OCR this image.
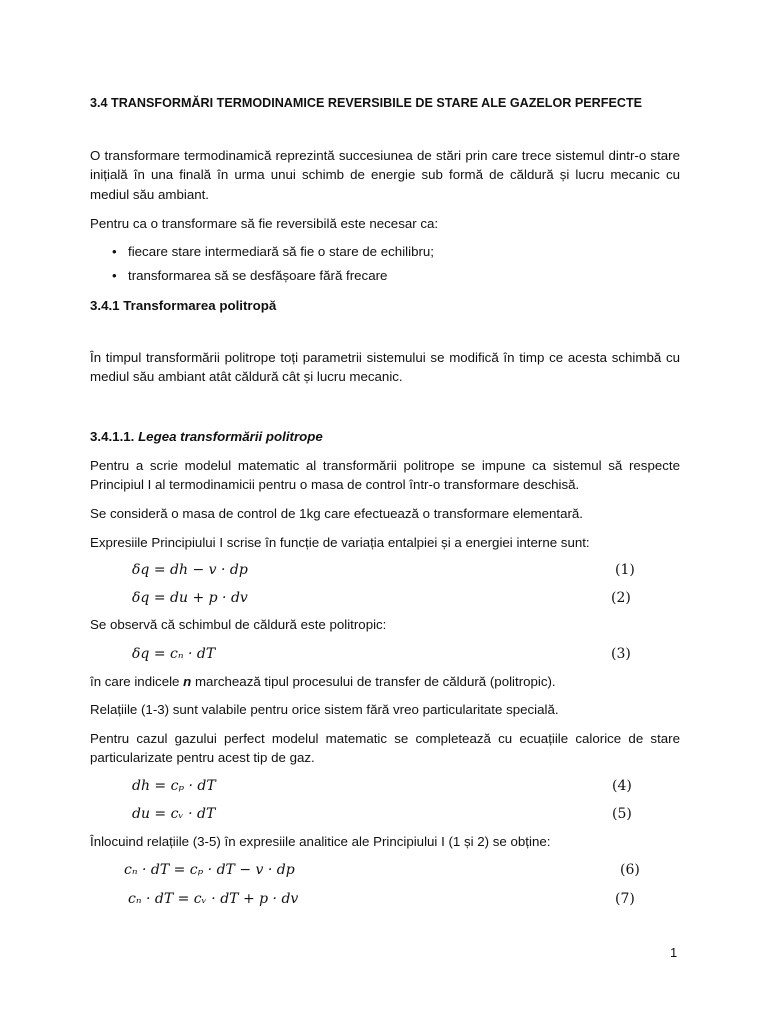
3.4 TRANSFORMĂRI TERMODINAMICE REVERSIBILE DE STARE ALE GAZELOR PERFECTE
O transformare termodinamică reprezintă succesiunea de stări prin care trece sistemul dintr-o stare inițială în una finală în urma unui schimb de energie sub formă de căldură și lucru mecanic cu mediul său ambiant.
Pentru ca o transformare să fie reversibilă este necesar ca:
• fiecare stare intermediară să fie o stare de echilibru;
• transformarea să se desfășoare fără frecare
3.4.1 Transformarea politropă
În timpul transformării politrope toți parametrii sistemului se modifică în timp ce acesta schimbă cu mediul său ambiant atât căldură cât și lucru mecanic.
3.4.1.1. Legea transformării politrope
Pentru a scrie modelul matematic al transformării politrope se impune ca sistemul să respecte Principiul I al termodinamicii pentru o masa de control într-o transformare deschisă.
Se consideră o masa de control de 1kg care efectuează o transformare elementară.
Expresiile Principiului I scrise în funcție de variația entalpiei și a energiei interne sunt:
δq = dh − v · dp	(1)
δq = du + p · dv	(2)
Se observă că schimbul de căldură este politropic:
δq = cₙ · dT	(3)
în care indicele n marchează tipul procesului de transfer de căldură (politropic).
Relațiile (1-3) sunt valabile pentru orice sistem fără vreo particularitate specială.
Pentru cazul gazului perfect modelul matematic se completează cu ecuațiile calorice de stare particularizate pentru acest tip de gaz.
dh = cₚ · dT	(4)
du = cᵥ · dT	(5)
Înlocuind relațiile (3-5) în expresiile analitice ale Principiului I (1 și 2) se obține:
cₙ · dT = cₚ · dT − v · dp	(6)
cₙ · dT = cᵥ · dT + p · dv	(7)
1
